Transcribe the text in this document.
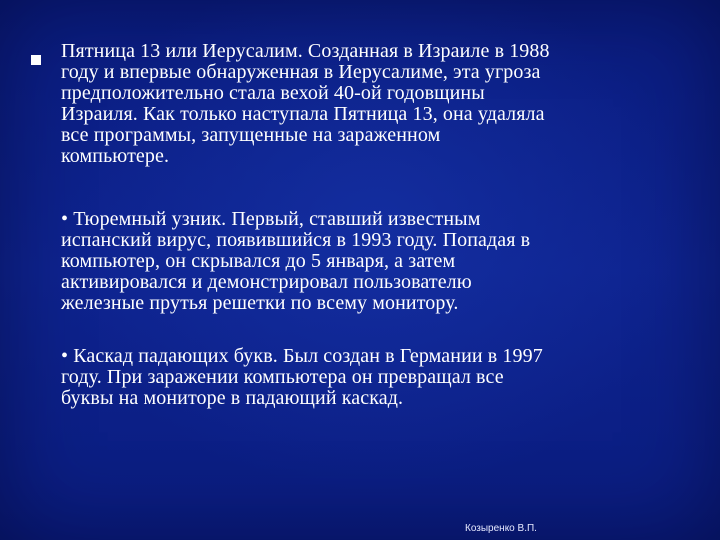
Пятница 13 или Иерусалим. Созданная в Израиле в 1988
году и впервые обнаруженная в Иерусалиме, эта угроза
предположительно стала вехой 40-ой годовщины
Израиля. Как только наступала Пятница 13, она удаляла
все программы, запущенные на зараженном
компьютере.

• Тюремный узник. Первый, ставший известным
испанский вирус, появившийся в 1993 году. Попадая в
компьютер, он скрывался до 5 января, а затем
активировался и демонстрировал пользователю
железные прутья решетки по всему монитору.

• Каскад падающих букв. Был создан в Германии в 1997
году. При заражении компьютера он превращал все
буквы на мониторе в падающий каскад.

Козыренко В.П.
